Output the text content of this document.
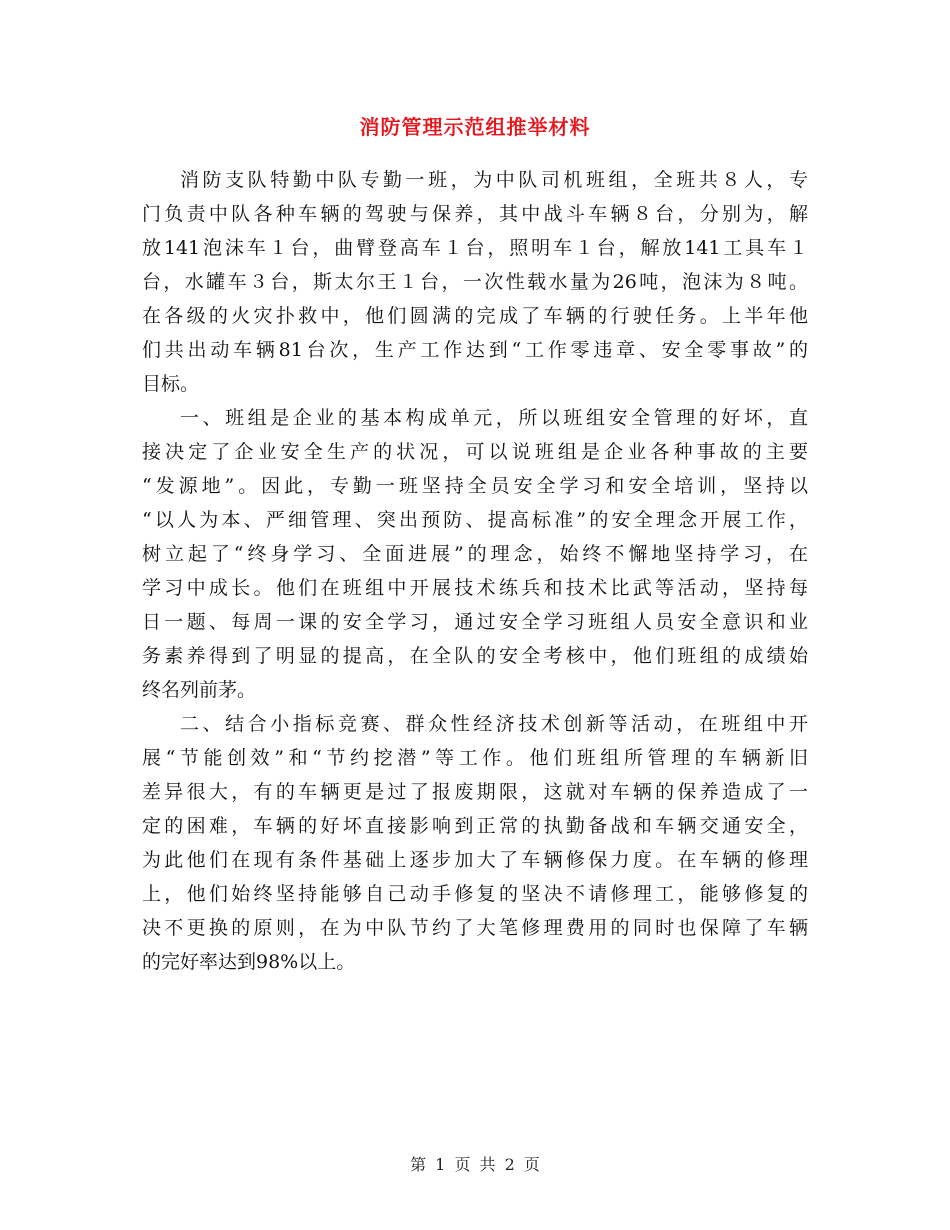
消防管理示范组推举材料
消防支队特勤中队专勤一班，为中队司机班组，全班共８人，专
门负责中队各种车辆的驾驶与保养，其中战斗车辆８台，分别为，解
放141泡沫车１台，曲臂登高车１台，照明车１台，解放141工具车１
台，水罐车３台，斯太尔王１台，一次性载水量为26吨，泡沫为８吨。
在各级的火灾扑救中，他们圆满的完成了车辆的行驶任务。上半年他
们共出动车辆81台次，生产工作达到“工作零违章、安全零事故”的
目标。
一、班组是企业的基本构成单元，所以班组安全管理的好坏，直
接决定了企业安全生产的状况，可以说班组是企业各种事故的主要
“发源地”。因此，专勤一班坚持全员安全学习和安全培训，坚持以
“以人为本、严细管理、突出预防、提高标准”的安全理念开展工作，
树立起了“终身学习、全面进展”的理念，始终不懈地坚持学习，在
学习中成长。他们在班组中开展技术练兵和技术比武等活动，坚持每
日一题、每周一课的安全学习，通过安全学习班组人员安全意识和业
务素养得到了明显的提高，在全队的安全考核中，他们班组的成绩始
终名列前茅。
二、结合小指标竞赛、群众性经济技术创新等活动，在班组中开
展“节能创效”和“节约挖潜”等工作。他们班组所管理的车辆新旧
差异很大，有的车辆更是过了报废期限，这就对车辆的保养造成了一
定的困难，车辆的好坏直接影响到正常的执勤备战和车辆交通安全，
为此他们在现有条件基础上逐步加大了车辆修保力度。在车辆的修理
上，他们始终坚持能够自己动手修复的坚决不请修理工，能够修复的
决不更换的原则，在为中队节约了大笔修理费用的同时也保障了车辆
的完好率达到98%以上。
第 1 页 共 2 页
